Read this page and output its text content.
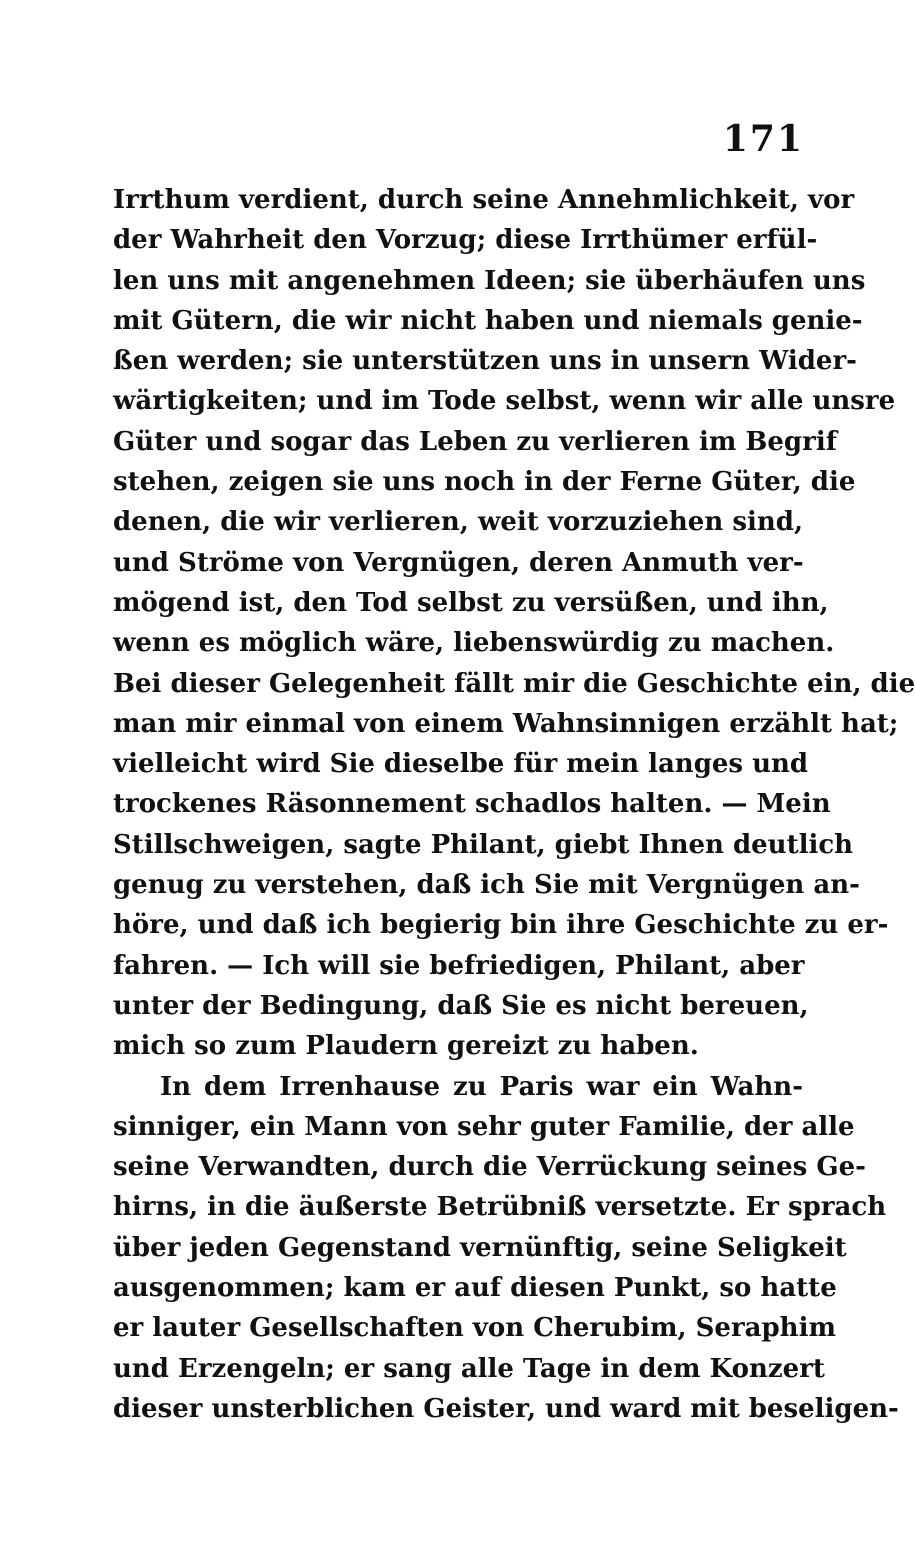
171
Irrthum verdient, durch seine Annehmlichkeit, vor
der Wahrheit den Vorzug; diese Irrthümer erfül-
len uns mit angenehmen Ideen; sie überhäufen uns
mit Gütern, die wir nicht haben und niemals genie-
ßen werden; sie unterstützen uns in unsern Wider-
wärtigkeiten; und im Tode selbst, wenn wir alle unsre
Güter und sogar das Leben zu verlieren im Begrif
stehen, zeigen sie uns noch in der Ferne Güter, die
denen, die wir verlieren, weit vorzuziehen sind,
und Ströme von Vergnügen, deren Anmuth ver-
mögend ist, den Tod selbst zu versüßen, und ihn,
wenn es möglich wäre, liebenswürdig zu machen.
Bei dieser Gelegenheit fällt mir die Geschichte ein, die
man mir einmal von einem Wahnsinnigen erzählt hat;
vielleicht wird Sie dieselbe für mein langes und
trockenes Räsonnement schadlos halten. — Mein
Stillschweigen, sagte Philant, giebt Ihnen deutlich
genug zu verstehen, daß ich Sie mit Vergnügen an-
höre, und daß ich begierig bin ihre Geschichte zu er-
fahren. — Ich will sie befriedigen, Philant, aber
unter der Bedingung, daß Sie es nicht bereuen,
mich so zum Plaudern gereizt zu haben.
In dem Irrenhause zu Paris war ein Wahn-
sinniger, ein Mann von sehr guter Familie, der alle
seine Verwandten, durch die Verrückung seines Ge-
hirns, in die äußerste Betrübniß versetzte. Er sprach
über jeden Gegenstand vernünftig, seine Seligkeit
ausgenommen; kam er auf diesen Punkt, so hatte
er lauter Gesellschaften von Cherubim, Seraphim
und Erzengeln; er sang alle Tage in dem Konzert
dieser unsterblichen Geister, und ward mit beseligen-
